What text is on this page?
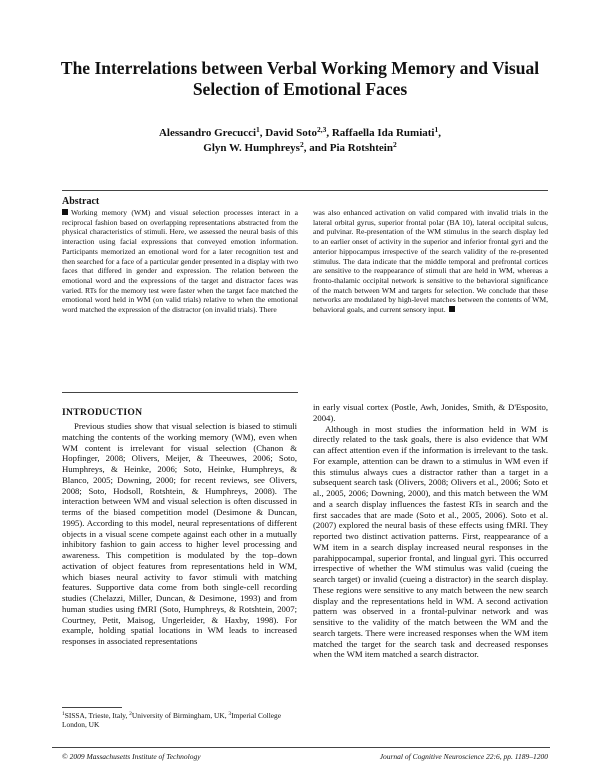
The Interrelations between Verbal Working Memory and Visual Selection of Emotional Faces
Alessandro Grecucci$^1$, David Soto$^{2,3}$, Raffaella Ida Rumiati$^1$,
Glyn W. Humphreys$^2$, and Pia Rotshtein$^2$
Abstract
Working memory (WM) and visual selection processes interact in a reciprocal fashion based on overlapping representations abstracted from the physical characteristics of stimuli. Here, we assessed the neural basis of this interaction using facial expressions that conveyed emotion information. Participants memorized an emotional word for a later recognition test and then searched for a face of a particular gender presented in a display with two faces that differed in gender and expression. The relation between the emotional word and the expressions of the target and distractor faces was varied. RTs for the memory test were faster when the target face matched the emotional word held in WM (on valid trials) relative to when the emotional word matched the expression of the distractor (on invalid trials). There
was also enhanced activation on valid compared with invalid trials in the lateral orbital gyrus, superior frontal polar (BA 10), lateral occipital sulcus, and pulvinar. Re-presentation of the WM stimulus in the search display led to an earlier onset of activity in the superior and inferior frontal gyri and the anterior hippocampus irrespective of the search validity of the re-presented stimulus. The data indicate that the middle temporal and prefrontal cortices are sensitive to the reappearance of stimuli that are held in WM, whereas a fronto-thalamic occipital network is sensitive to the behavioral significance of the match between WM and targets for selection. We conclude that these networks are modulated by high-level matches between the contents of WM, behavioral goals, and current sensory input.
INTRODUCTION

Previous studies show that visual selection is biased to stimuli matching the contents of the working memory (WM), even when WM content is irrelevant for visual selection (Chanon & Hopfinger, 2008; Olivers, Meijer, & Theeuwes, 2006; Soto, Humphreys, & Heinke, 2006; Soto, Heinke, Humphreys, & Blanco, 2005; Downing, 2000; for recent reviews, see Olivers, 2008; Soto, Hodsoll, Rotshtein, & Humphreys, 2008). The interaction between WM and visual selection is often discussed in terms of the biased competition model (Desimone & Duncan, 1995). According to this model, neural representations of different objects in a visual scene compete against each other in a mutually inhibitory fashion to gain access to higher level processing and awareness. This competition is modulated by the top–down activation of object features from representations held in WM, which biases neural activity to favor stimuli with matching features. Supportive data come from both single-cell recording studies (Chelazzi, Miller, Duncan, & Desimone, 1993) and from human studies using fMRI (Soto, Humphreys, & Rotshtein, 2007; Courtney, Petit, Maisog, Ungerleider, & Haxby, 1998). For example, holding spatial locations in WM leads to increased responses in associated representations

in early visual cortex (Postle, Awh, Jonides, Smith, & D'Esposito, 2004).

Although in most studies the information held in WM is directly related to the task goals, there is also evidence that WM can affect attention even if the information is irrelevant to the task. For example, attention can be drawn to a stimulus in WM even if this stimulus always cues a distractor rather than a target in a subsequent search task (Olivers, 2008; Olivers et al., 2006; Soto et al., 2005, 2006; Downing, 2000), and this match between the WM and a search display influences the fastest RTs in search and the first saccades that are made (Soto et al., 2005, 2006). Soto et al. (2007) explored the neural basis of these effects using fMRI. They reported two distinct activation patterns. First, reappearance of a WM item in a search display increased neural responses in the parahippocampal, superior frontal, and lingual gyri. This occurred irrespective of whether the WM stimulus was valid (cueing the search target) or invalid (cueing a distractor) in the search display. These regions were sensitive to any match between the new search display and the representations held in WM. A second activation pattern was observed in a frontal-pulvinar network and was sensitive to the validity of the match between the WM and the search targets. There were increased responses when the WM item matched the target for the search task and decreased responses when the WM item matched a search distractor.

$^1$SISSA, Trieste, Italy, $^2$University of Birmingham, UK, $^3$Imperial College London, UK
© 2009 Massachusetts Institute of Technology	Journal of Cognitive Neuroscience 22:6, pp. 1189–1200
